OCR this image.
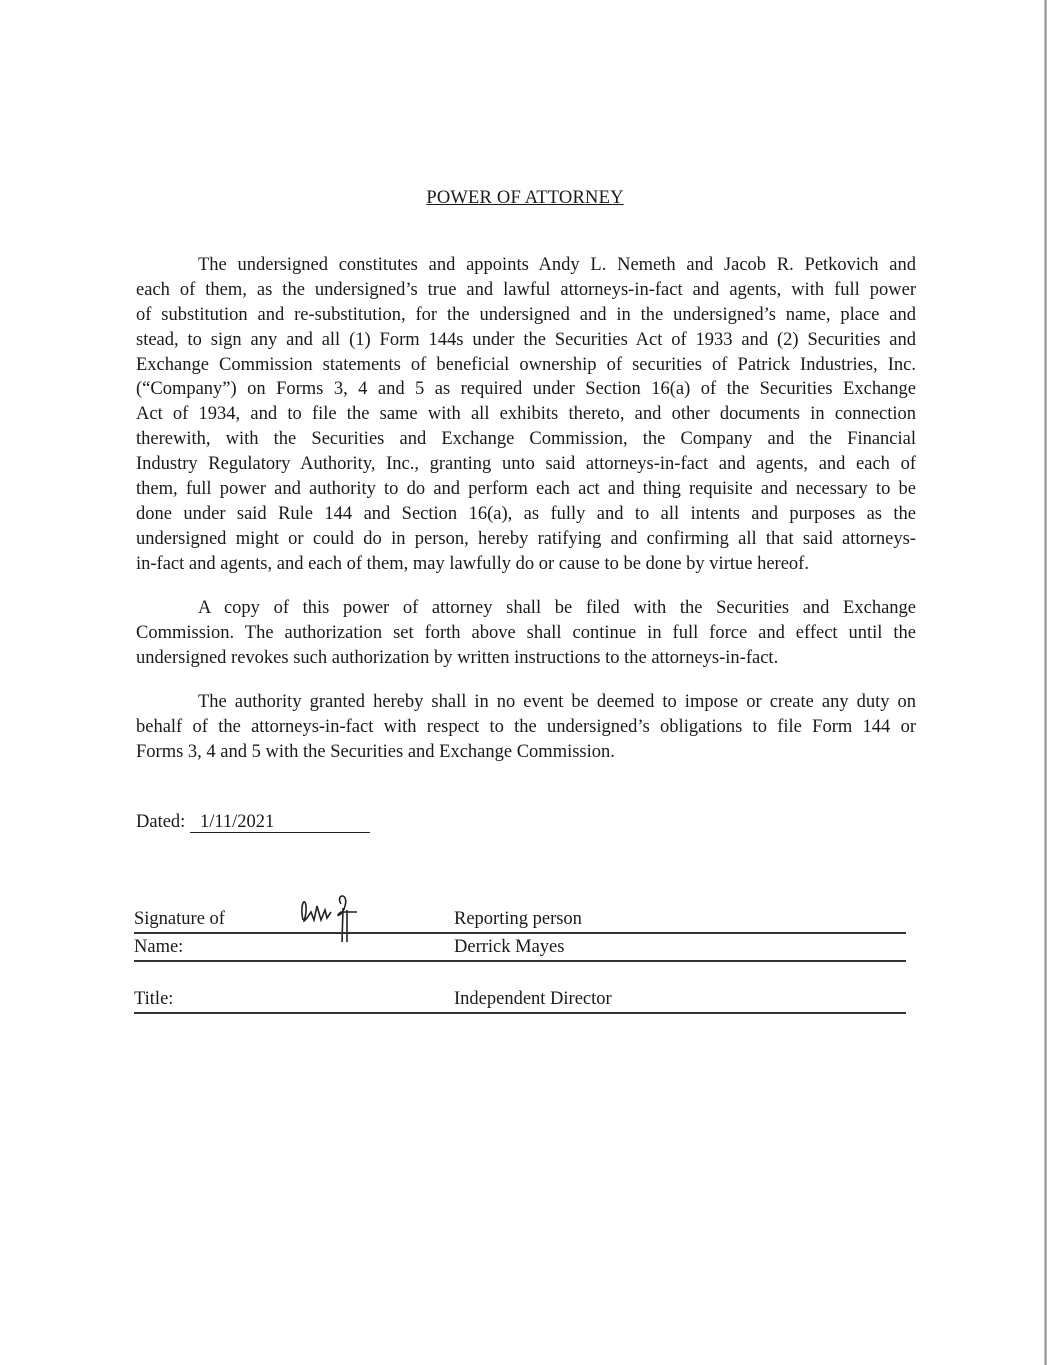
POWER OF ATTORNEY
The undersigned constitutes and appoints Andy L. Nemeth and Jacob R. Petkovich and
each of them, as the undersigned’s true and lawful attorneys-in-fact and agents, with full power
of substitution and re-substitution, for the undersigned and in the undersigned’s name, place and
stead, to sign any and all (1) Form 144s under the Securities Act of 1933 and (2) Securities and
Exchange Commission statements of beneficial ownership of securities of Patrick Industries, Inc.
(“Company”) on Forms 3, 4 and 5 as required under Section 16(a) of the Securities Exchange
Act of 1934, and to file the same with all exhibits thereto, and other documents in connection
therewith, with the Securities and Exchange Commission, the Company and the Financial
Industry Regulatory Authority, Inc., granting unto said attorneys-in-fact and agents, and each of
them, full power and authority to do and perform each act and thing requisite and necessary to be
done under said Rule 144 and Section 16(a), as fully and to all intents and purposes as the
undersigned might or could do in person, hereby ratifying and confirming all that said attorneys-
in-fact and agents, and each of them, may lawfully do or cause to be done by virtue hereof.
A copy of this power of attorney shall be filed with the Securities and Exchange
Commission. The authorization set forth above shall continue in full force and effect until the
undersigned revokes such authorization by written instructions to the attorneys-in-fact.
The authority granted hereby shall in no event be deemed to impose or create any duty on
behalf of the attorneys-in-fact with respect to the undersigned’s obligations to file Form 144 or
Forms 3, 4 and 5 with the Securities and Exchange Commission.
Dated: 1/11/2021
Signature of	Reporting person
Name:	Derrick Mayes
Title:	Independent Director
